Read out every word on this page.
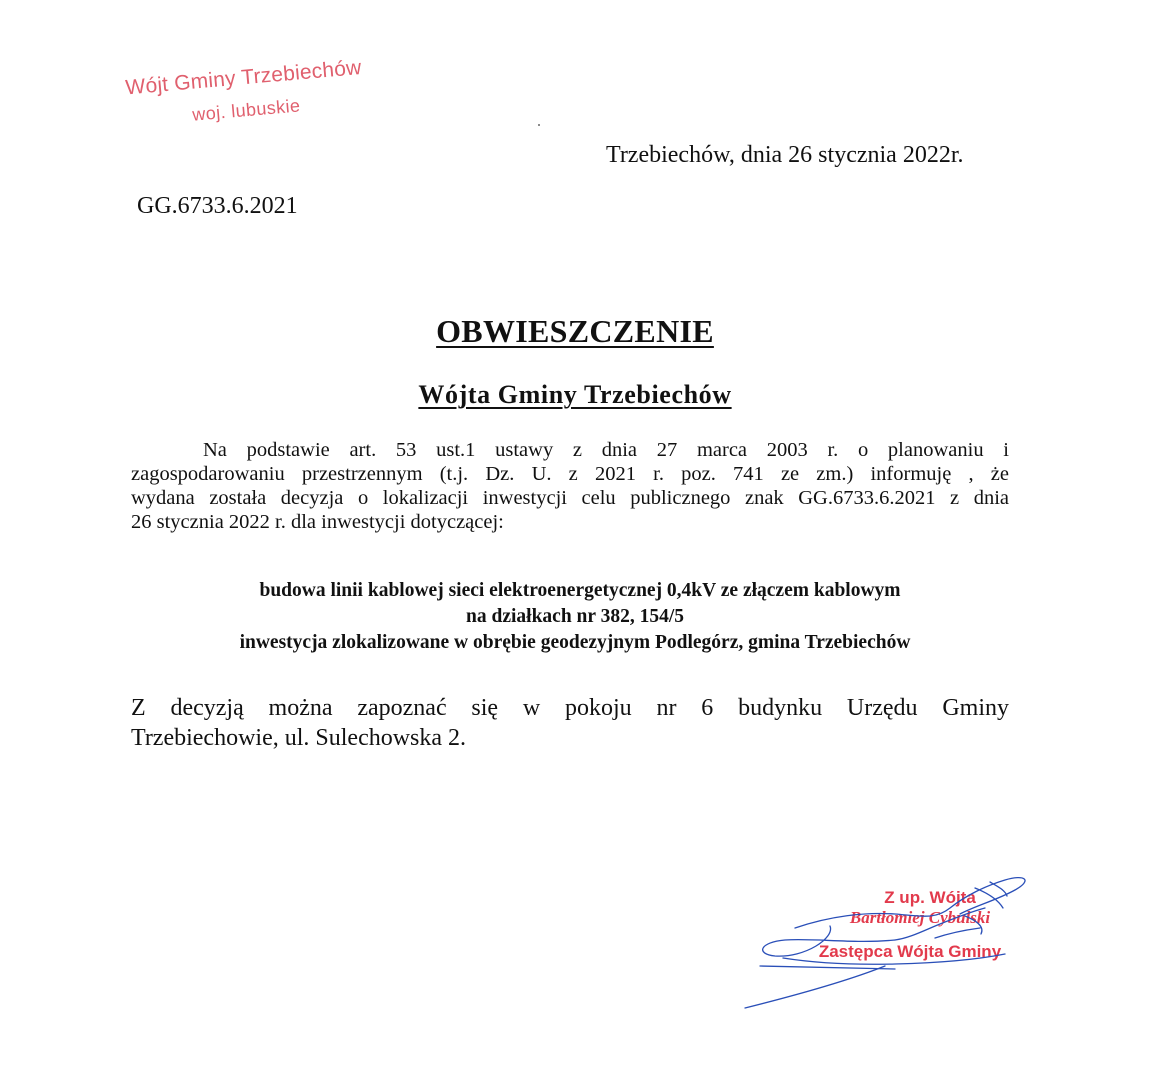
Wójt Gminy Trzebiechów
woj. lubuskie
Trzebiechów, dnia 26 stycznia 2022r.
GG.6733.6.2021
OBWIESZCZENIE
Wójta Gminy Trzebiechów
Na podstawie art. 53 ust.1 ustawy z dnia 27 marca 2003 r. o planowaniu i
zagospodarowaniu przestrzennym (t.j. Dz. U. z 2021 r. poz. 741 ze zm.) informuję , że
wydana została decyzja o lokalizacji inwestycji celu publicznego znak GG.6733.6.2021 z dnia
26 stycznia 2022 r. dla inwestycji dotyczącej:
budowa linii kablowej sieci elektroenergetycznej 0,4kV ze złączem kablowym
na działkach nr 382, 154/5
inwestycja zlokalizowane w obrębie geodezyjnym Podlegórz, gmina Trzebiechów
Z decyzją można zapoznać się w pokoju nr 6 budynku Urzędu Gminy
Trzebiechowie, ul. Sulechowska 2.
Z up. Wójta
Bartłomiej Cybulski
Zastępca Wójta Gminy
